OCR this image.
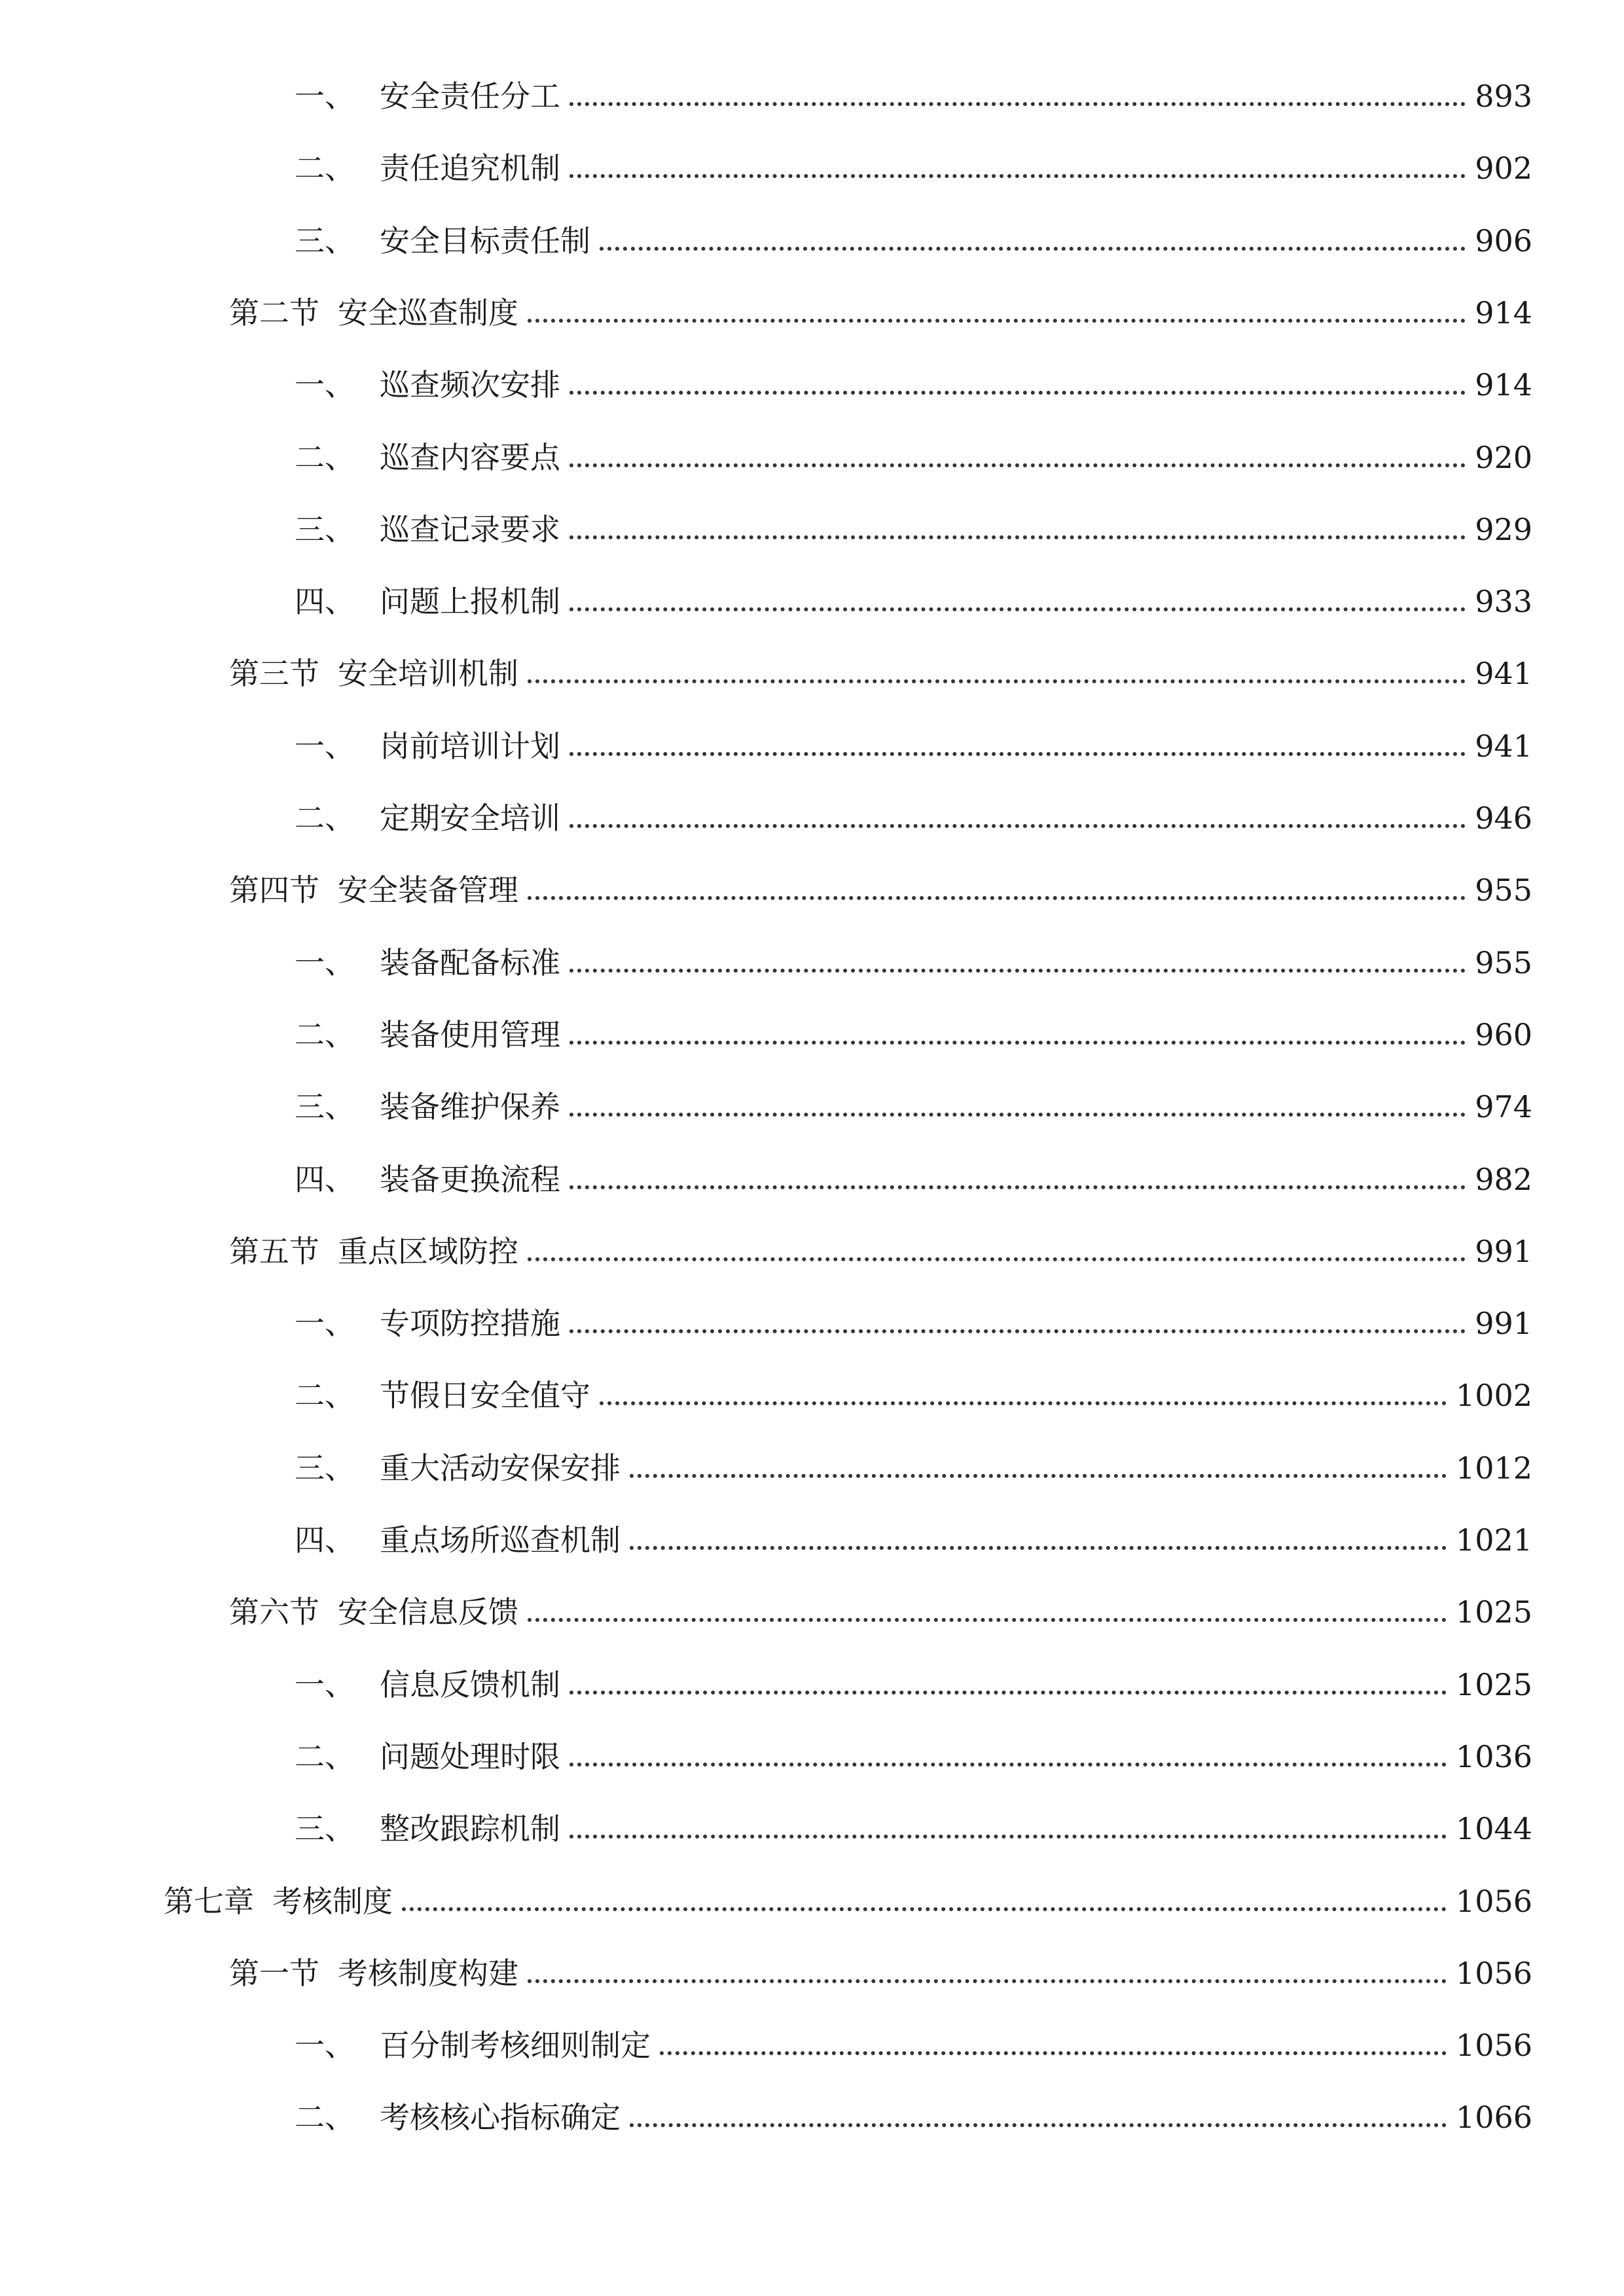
一、 安全责任分工	893
二、 责任追究机制	902
三、 安全目标责任制	906
第二节 安全巡查制度	914
一、 巡查频次安排	914
二、 巡查内容要点	920
三、 巡查记录要求	929
四、 问题上报机制	933
第三节 安全培训机制	941
一、 岗前培训计划	941
二、 定期安全培训	946
第四节 安全装备管理	955
一、 装备配备标准	955
二、 装备使用管理	960
三、 装备维护保养	974
四、 装备更换流程	982
第五节 重点区域防控	991
一、 专项防控措施	991
二、 节假日安全值守	1002
三、 重大活动安保安排	1012
四、 重点场所巡查机制	1021
第六节 安全信息反馈	1025
一、 信息反馈机制	1025
二、 问题处理时限	1036
三、 整改跟踪机制	1044
第七章 考核制度	1056
第一节 考核制度构建	1056
一、 百分制考核细则制定	1056
二、 考核核心指标确定	1066
